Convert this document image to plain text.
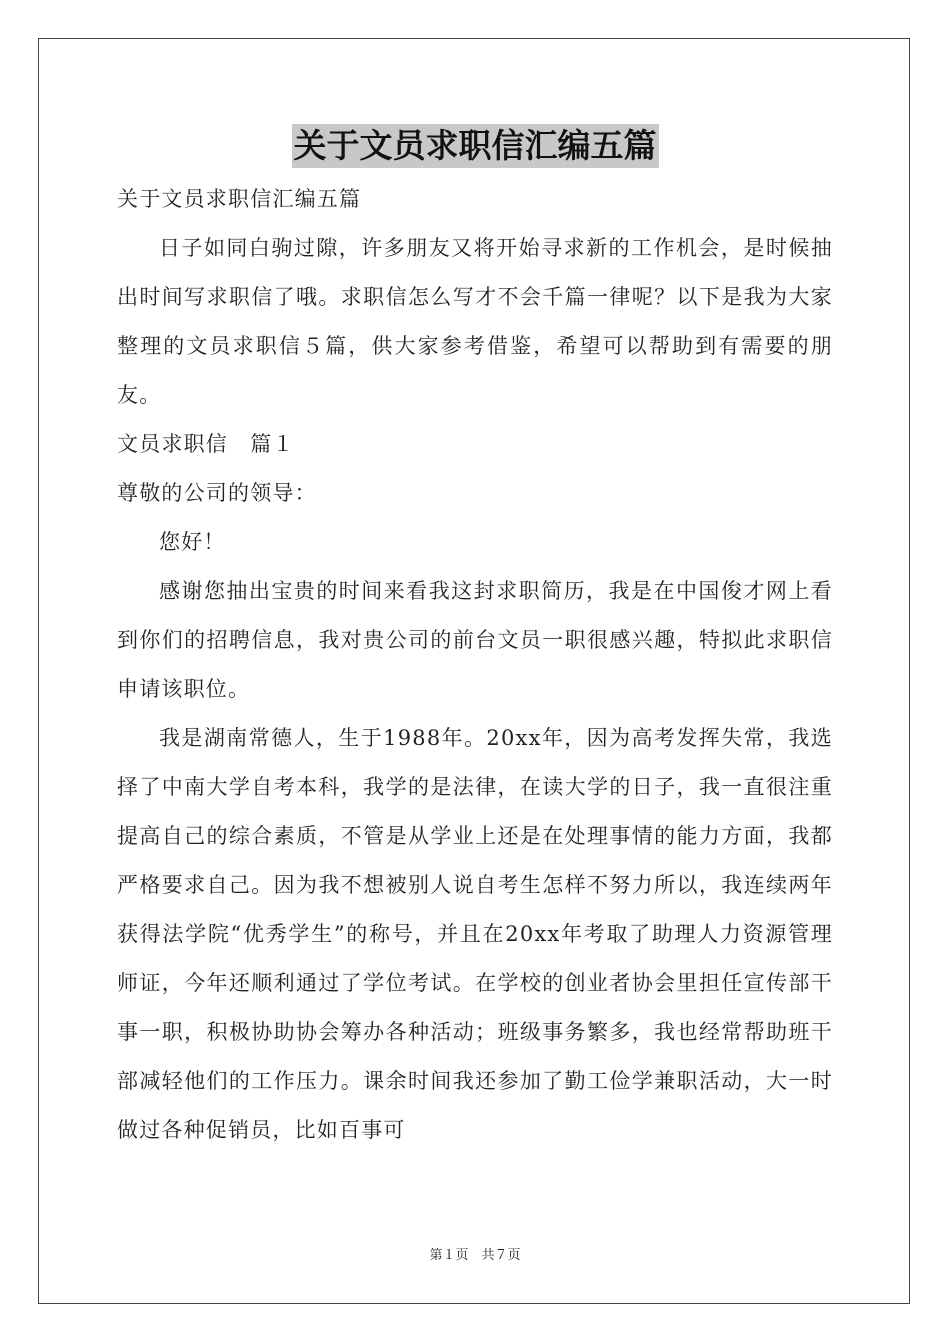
关于文员求职信汇编五篇

关于文员求职信汇编五篇

日子如同白驹过隙，许多朋友又将开始寻求新的工作机会，是时候抽出时间写求职信了哦。求职信怎么写才不会千篇一律呢？以下是我为大家整理的文员求职信５篇，供大家参考借鉴，希望可以帮助到有需要的朋友。

文员求职信　篇１

尊敬的公司的领导：

您好！

感谢您抽出宝贵的时间来看我这封求职简历，我是在中国俊才网上看到你们的招聘信息，我对贵公司的前台文员一职很感兴趣，特拟此求职信申请该职位。

我是湖南常德人，生于1988年。20xx年，因为高考发挥失常，我选择了中南大学自考本科，我学的是法律，在读大学的日子，我一直很注重提高自己的综合素质，不管是从学业上还是在处理事情的能力方面，我都严格要求自己。因为我不想被别人说自考生怎样不努力所以，我连续两年获得法学院“优秀学生”的称号，并且在20xx年考取了助理人力资源管理师证，今年还顺利通过了学位考试。在学校的创业者协会里担任宣传部干事一职，积极协助协会筹办各种活动；班级事务繁多，我也经常帮助班干部减轻他们的工作压力。课余时间我还参加了勤工俭学兼职活动，大一时做过各种促销员，比如百事可

第１页　共７页
